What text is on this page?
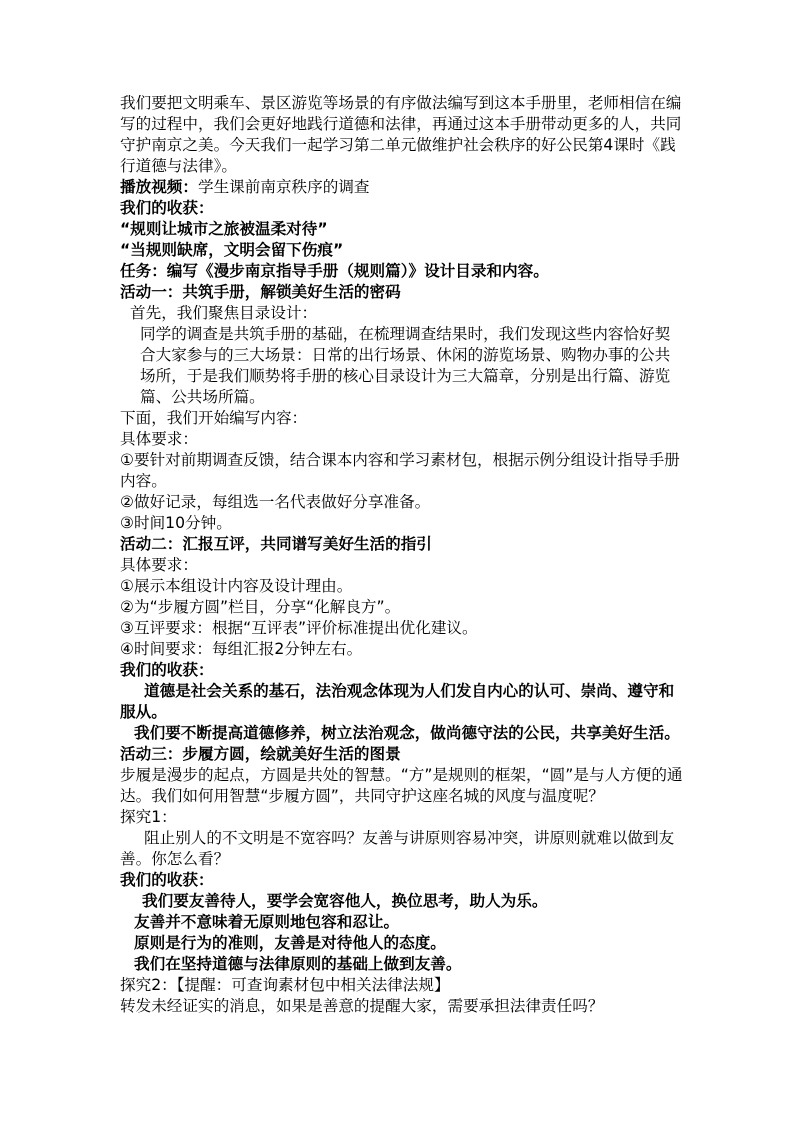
我们要把文明乘车、景区游览等场景的有序做法编写到这本手册里，老师相信在编写的过程中，我们会更好地践行道德和法律，再通过这本手册带动更多的人，共同守护南京之美。今天我们一起学习第二单元做维护社会秩序的好公民第4课时《践行道德与法律》。

播放视频：学生课前南京秩序的调查

我们的收获：

“规则让城市之旅被温柔对待”

“当规则缺席，文明会留下伤痕”

任务：编写《漫步南京指导手册（规则篇）》设计目录和内容。

活动一：共筑手册，解锁美好生活的密码

首先，我们聚焦目录设计：

同学的调查是共筑手册的基础，在梳理调查结果时，我们发现这些内容恰好契合大家参与的三大场景：日常的出行场景、休闲的游览场景、购物办事的公共场所，于是我们顺势将手册的核心目录设计为三大篇章，分别是出行篇、游览篇、公共场所篇。

下面，我们开始编写内容：

具体要求：

①要针对前期调查反馈，结合课本内容和学习素材包，根据示例分组设计指导手册内容。

②做好记录，每组选一名代表做好分享准备。

③时间10分钟。

活动二：汇报互评，共同谱写美好生活的指引

具体要求：

①展示本组设计内容及设计理由。

②为“步履方圆”栏目，分享“化解良方”。

③互评要求：根据“互评表”评价标准提出优化建议。

④时间要求：每组汇报2分钟左右。

我们的收获：

道德是社会关系的基石，法治观念体现为人们发自内心的认可、崇尚、遵守和服从。

我们要不断提高道德修养，树立法治观念，做尚德守法的公民，共享美好生活。

活动三：步履方圆，绘就美好生活的图景

步履是漫步的起点，方圆是共处的智慧。“方”是规则的框架，“圆”是与人方便的通达。我们如何用智慧“步履方圆”，共同守护这座名城的风度与温度呢？

探究1：

阻止别人的不文明是不宽容吗？友善与讲原则容易冲突，讲原则就难以做到友善。你怎么看？

我们的收获：

我们要友善待人，要学会宽容他人，换位思考，助人为乐。

友善并不意味着无原则地包容和忍让。

原则是行为的准则，友善是对待他人的态度。

我们在坚持道德与法律原则的基础上做到友善。

探究2：【提醒：可查询素材包中相关法律法规】

转发未经证实的消息，如果是善意的提醒大家，需要承担法律责任吗？
